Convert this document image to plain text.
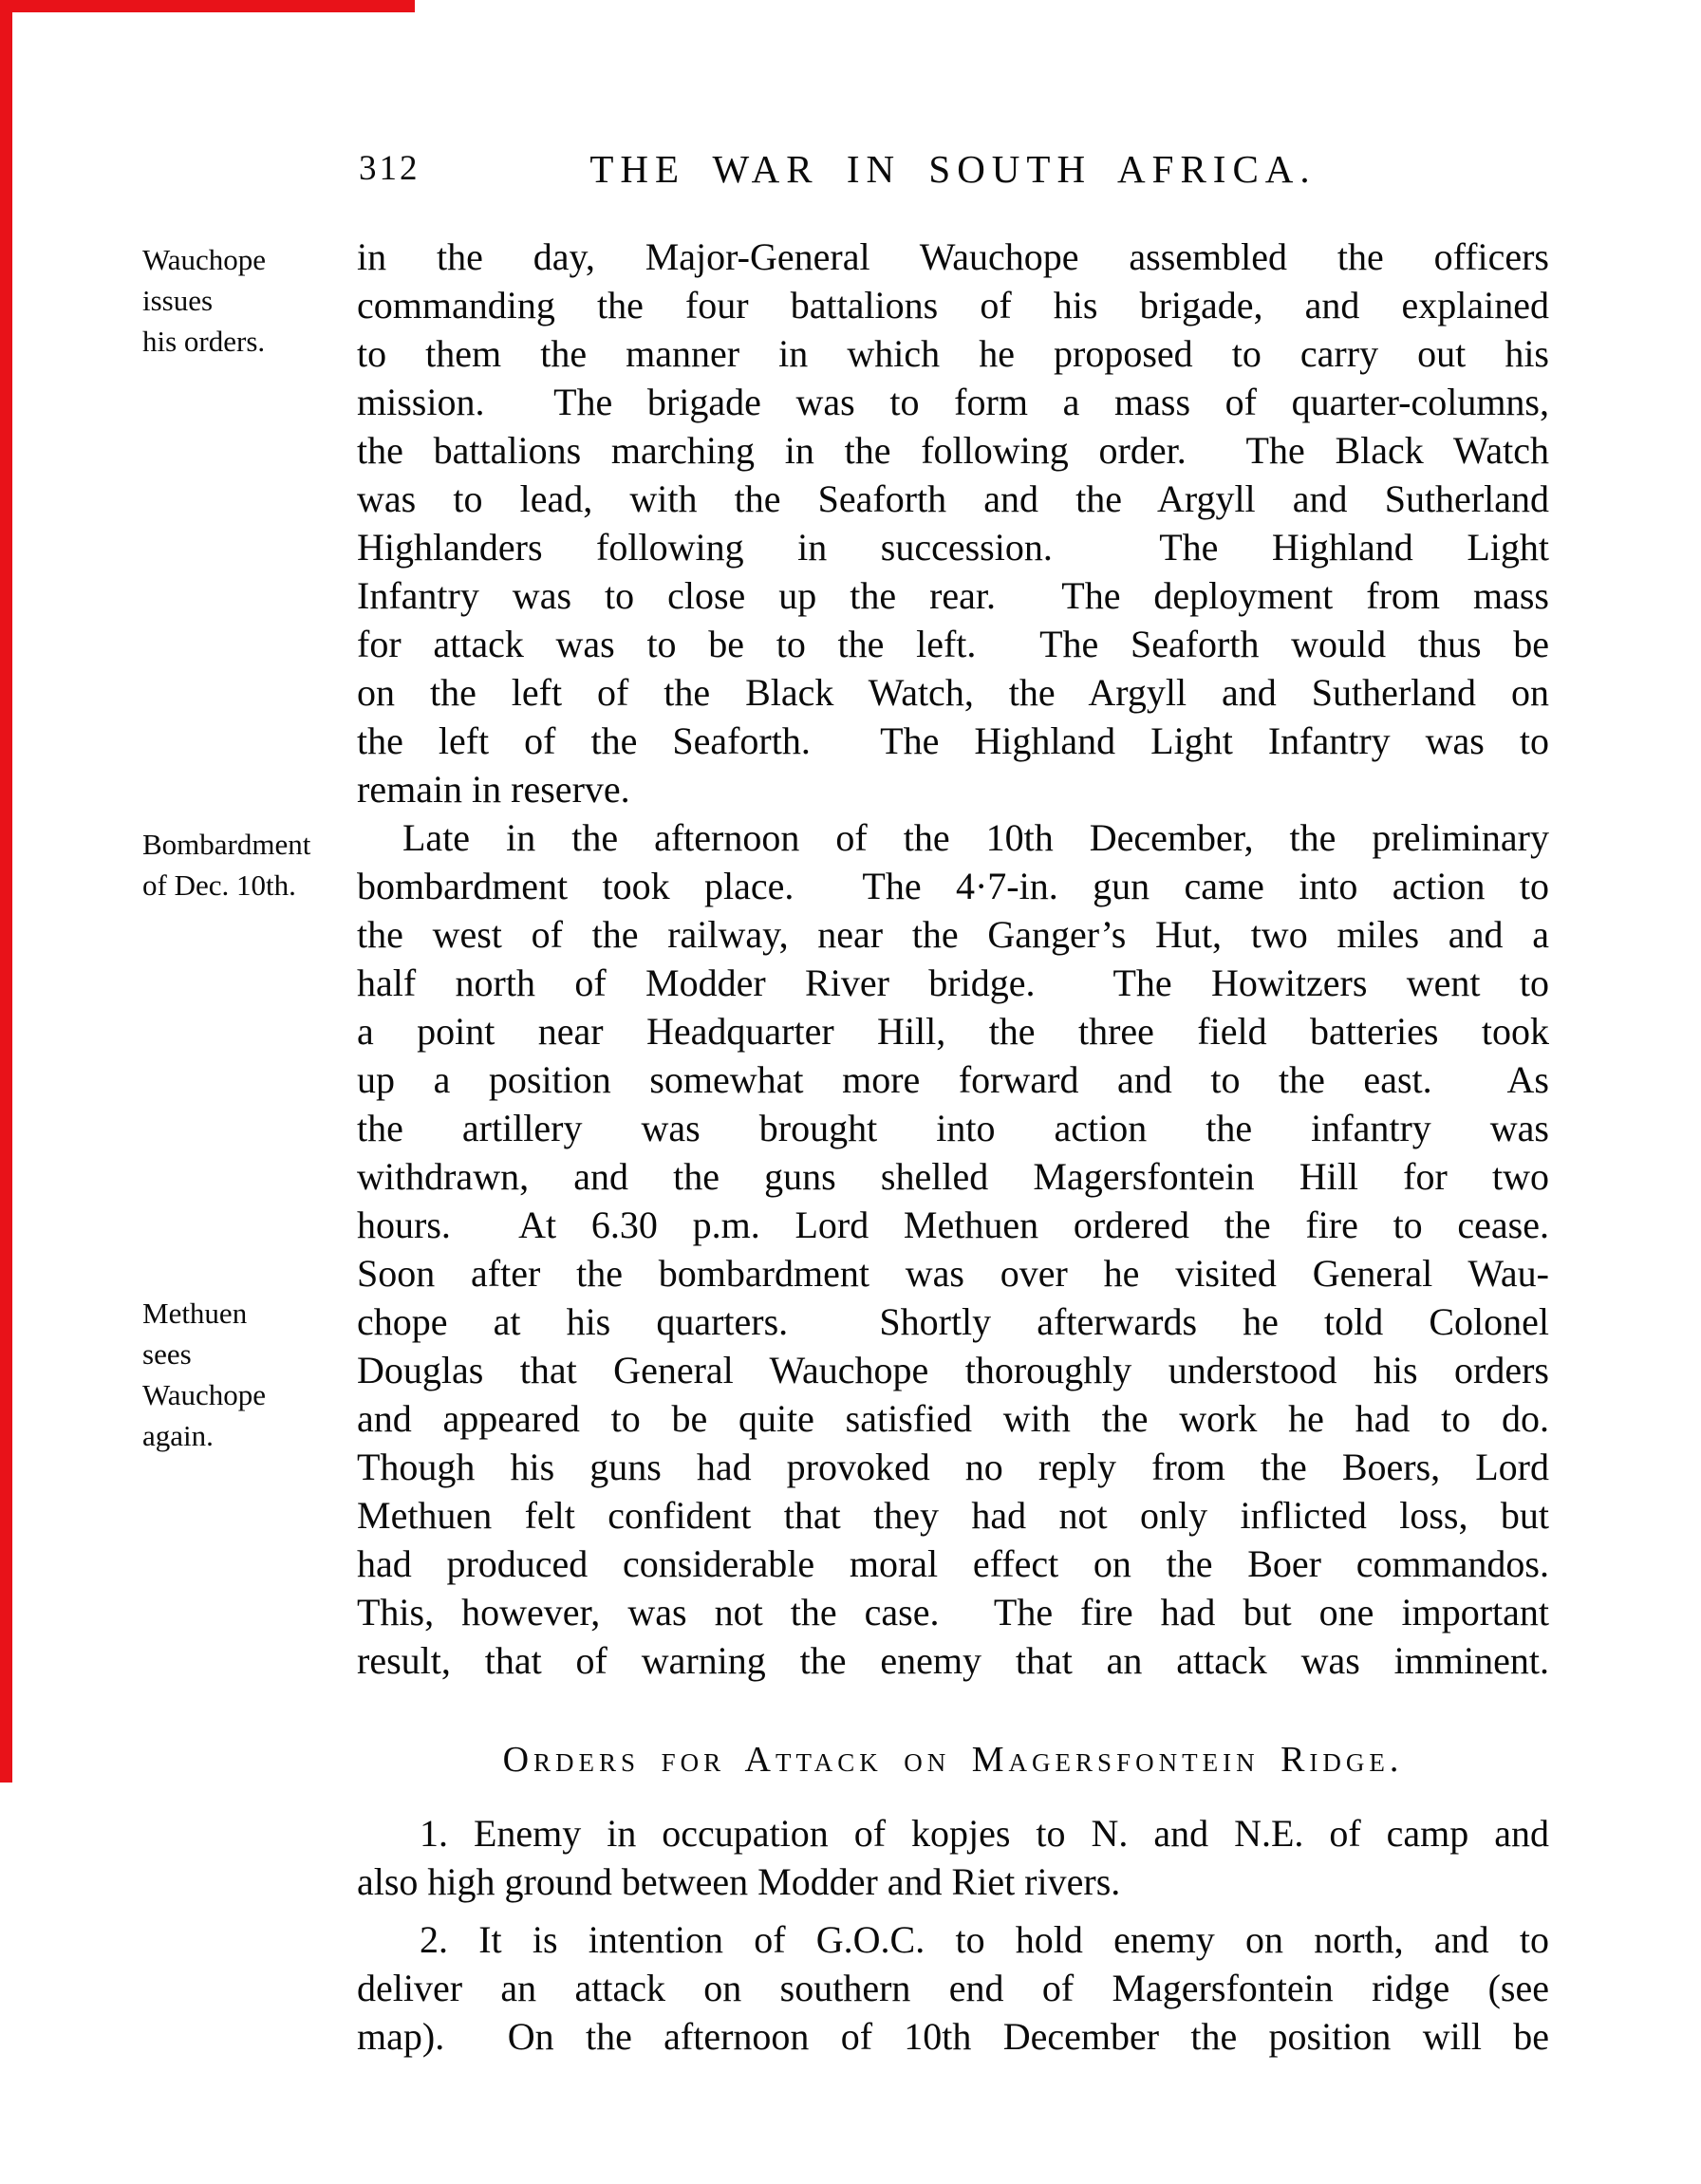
312	THE WAR IN SOUTH AFRICA.
Wauchope
issues
his orders.
Bombardment
of Dec. 10th.
Methuen
sees
Wauchope
again.
in the day, Major-General Wauchope assembled the officers
commanding the four battalions of his brigade, and explained
to them the manner in which he proposed to carry out his
mission.  The brigade was to form a mass of quarter-columns,
the battalions marching in the following order.  The Black Watch
was to lead, with the Seaforth and the Argyll and Sutherland
Highlanders following in succession.  The Highland Light
Infantry was to close up the rear.  The deployment from mass
for attack was to be to the left.  The Seaforth would thus be
on the left of the Black Watch, the Argyll and Sutherland on
the left of the Seaforth.  The Highland Light Infantry was to
remain in reserve.
Late in the afternoon of the 10th December, the preliminary
bombardment took place.  The 4·7-in. gun came into action to
the west of the railway, near the Ganger’s Hut, two miles and a
half north of Modder River bridge.  The Howitzers went to
a point near Headquarter Hill, the three field batteries took
up a position somewhat more forward and to the east.  As
the artillery was brought into action the infantry was
withdrawn, and the guns shelled Magersfontein Hill for two
hours.  At 6.30 p.m. Lord Methuen ordered the fire to cease.
Soon after the bombardment was over he visited General Wau-
chope at his quarters.  Shortly afterwards he told Colonel
Douglas that General Wauchope thoroughly understood his orders
and appeared to be quite satisfied with the work he had to do.
Though his guns had provoked no reply from the Boers, Lord
Methuen felt confident that they had not only inflicted loss, but
had produced considerable moral effect on the Boer commandos.
This, however, was not the case.  The fire had but one important
result, that of warning the enemy that an attack was imminent.
Orders for Attack on Magersfontein Ridge.
1. Enemy in occupation of kopjes to N. and N.E. of camp and
also high ground between Modder and Riet rivers.
2. It is intention of G.O.C. to hold enemy on north, and to
deliver an attack on southern end of Magersfontein ridge (see
map).  On the afternoon of 10th December the position will be
